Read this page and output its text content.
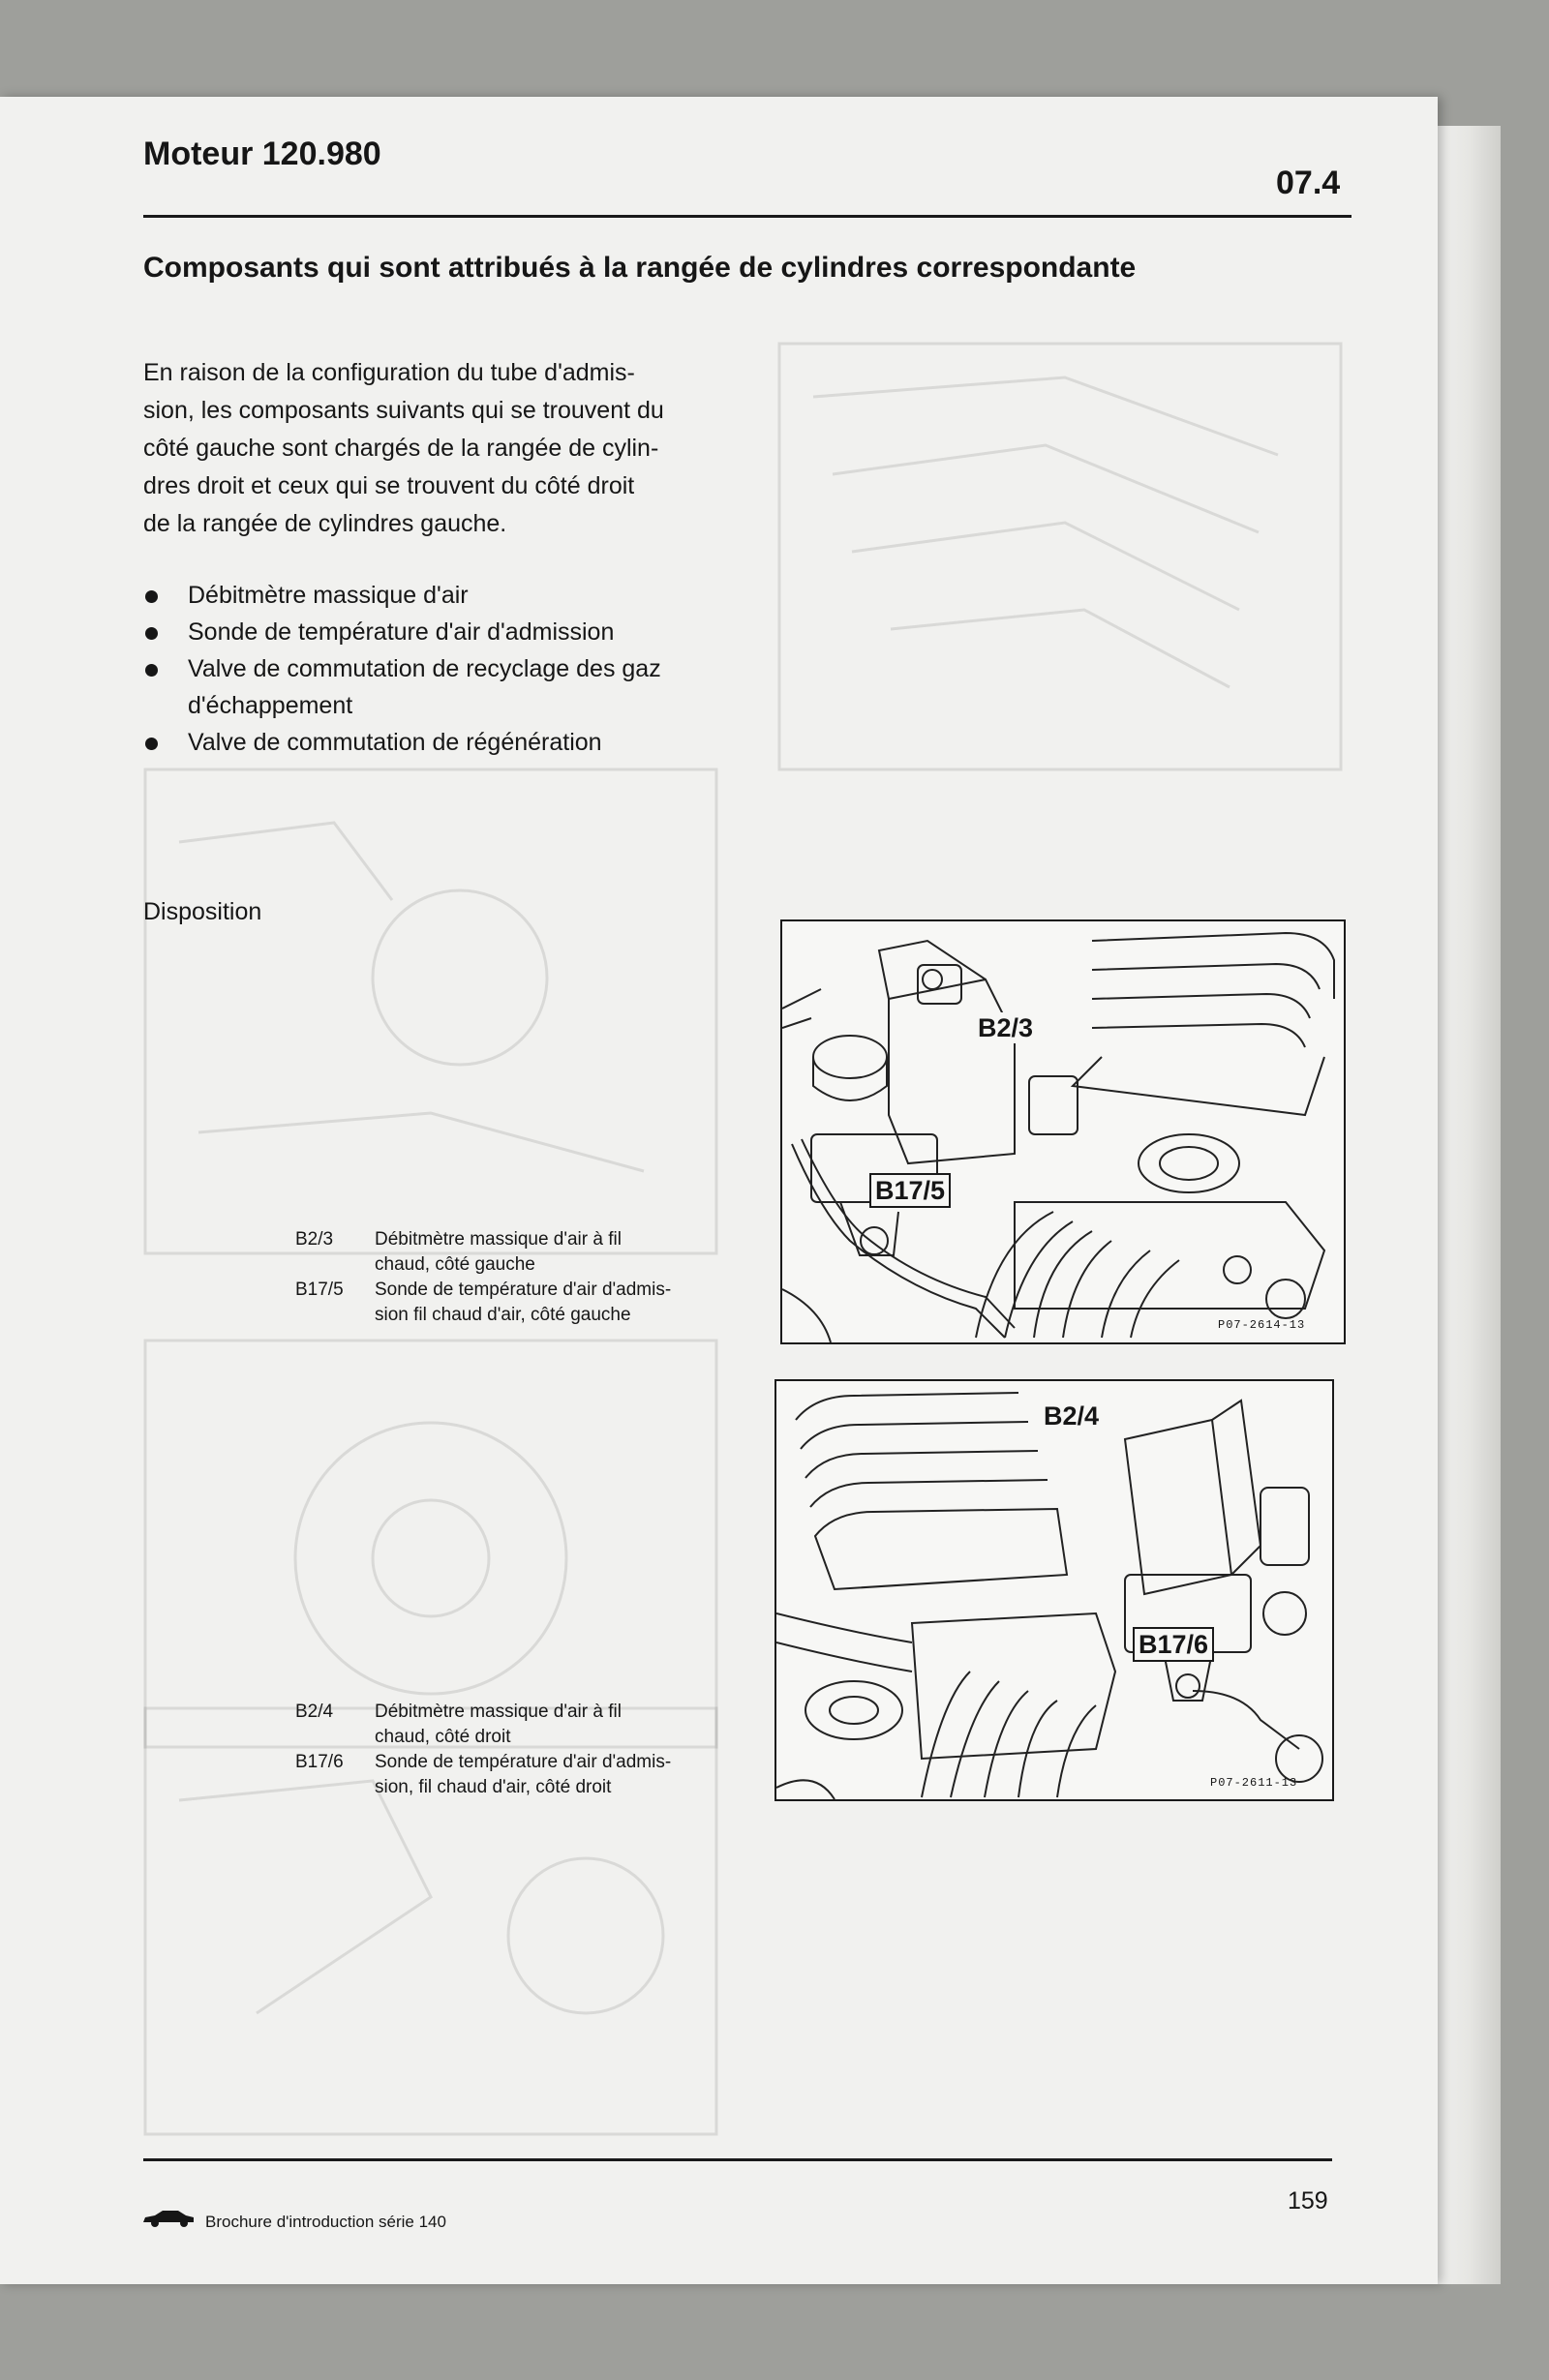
Moteur 120.980
07.4
Composants qui sont attribués à la rangée de cylindres correspondante

En raison de la configuration du tube d'admis-
sion, les composants suivants qui se trouvent du
côté gauche sont chargés de la rangée de cylin-
dres droit et ceux qui se trouvent du côté droit
de la rangée de cylindres gauche.

Débitmètre massique d'air
Sonde de température d'air d'admission
Valve de commutation de recyclage des gaz
d'échappement
Valve de commutation de régénération
Disposition
B2/3	Débitmètre massique d'air à fil
chaud, côté gauche
B17/5	Sonde de température d'air d'admis-
sion fil chaud d'air, côté gauche
B2/4	Débitmètre massique d'air à fil
chaud, côté droit
B17/6	Sonde de température d'air d'admis-
sion, fil chaud d'air, côté droit
B2/3
B17/5
P07-2614-13
B2/4
B17/6
P07-2611-13
Brochure d'introduction série 140
159
